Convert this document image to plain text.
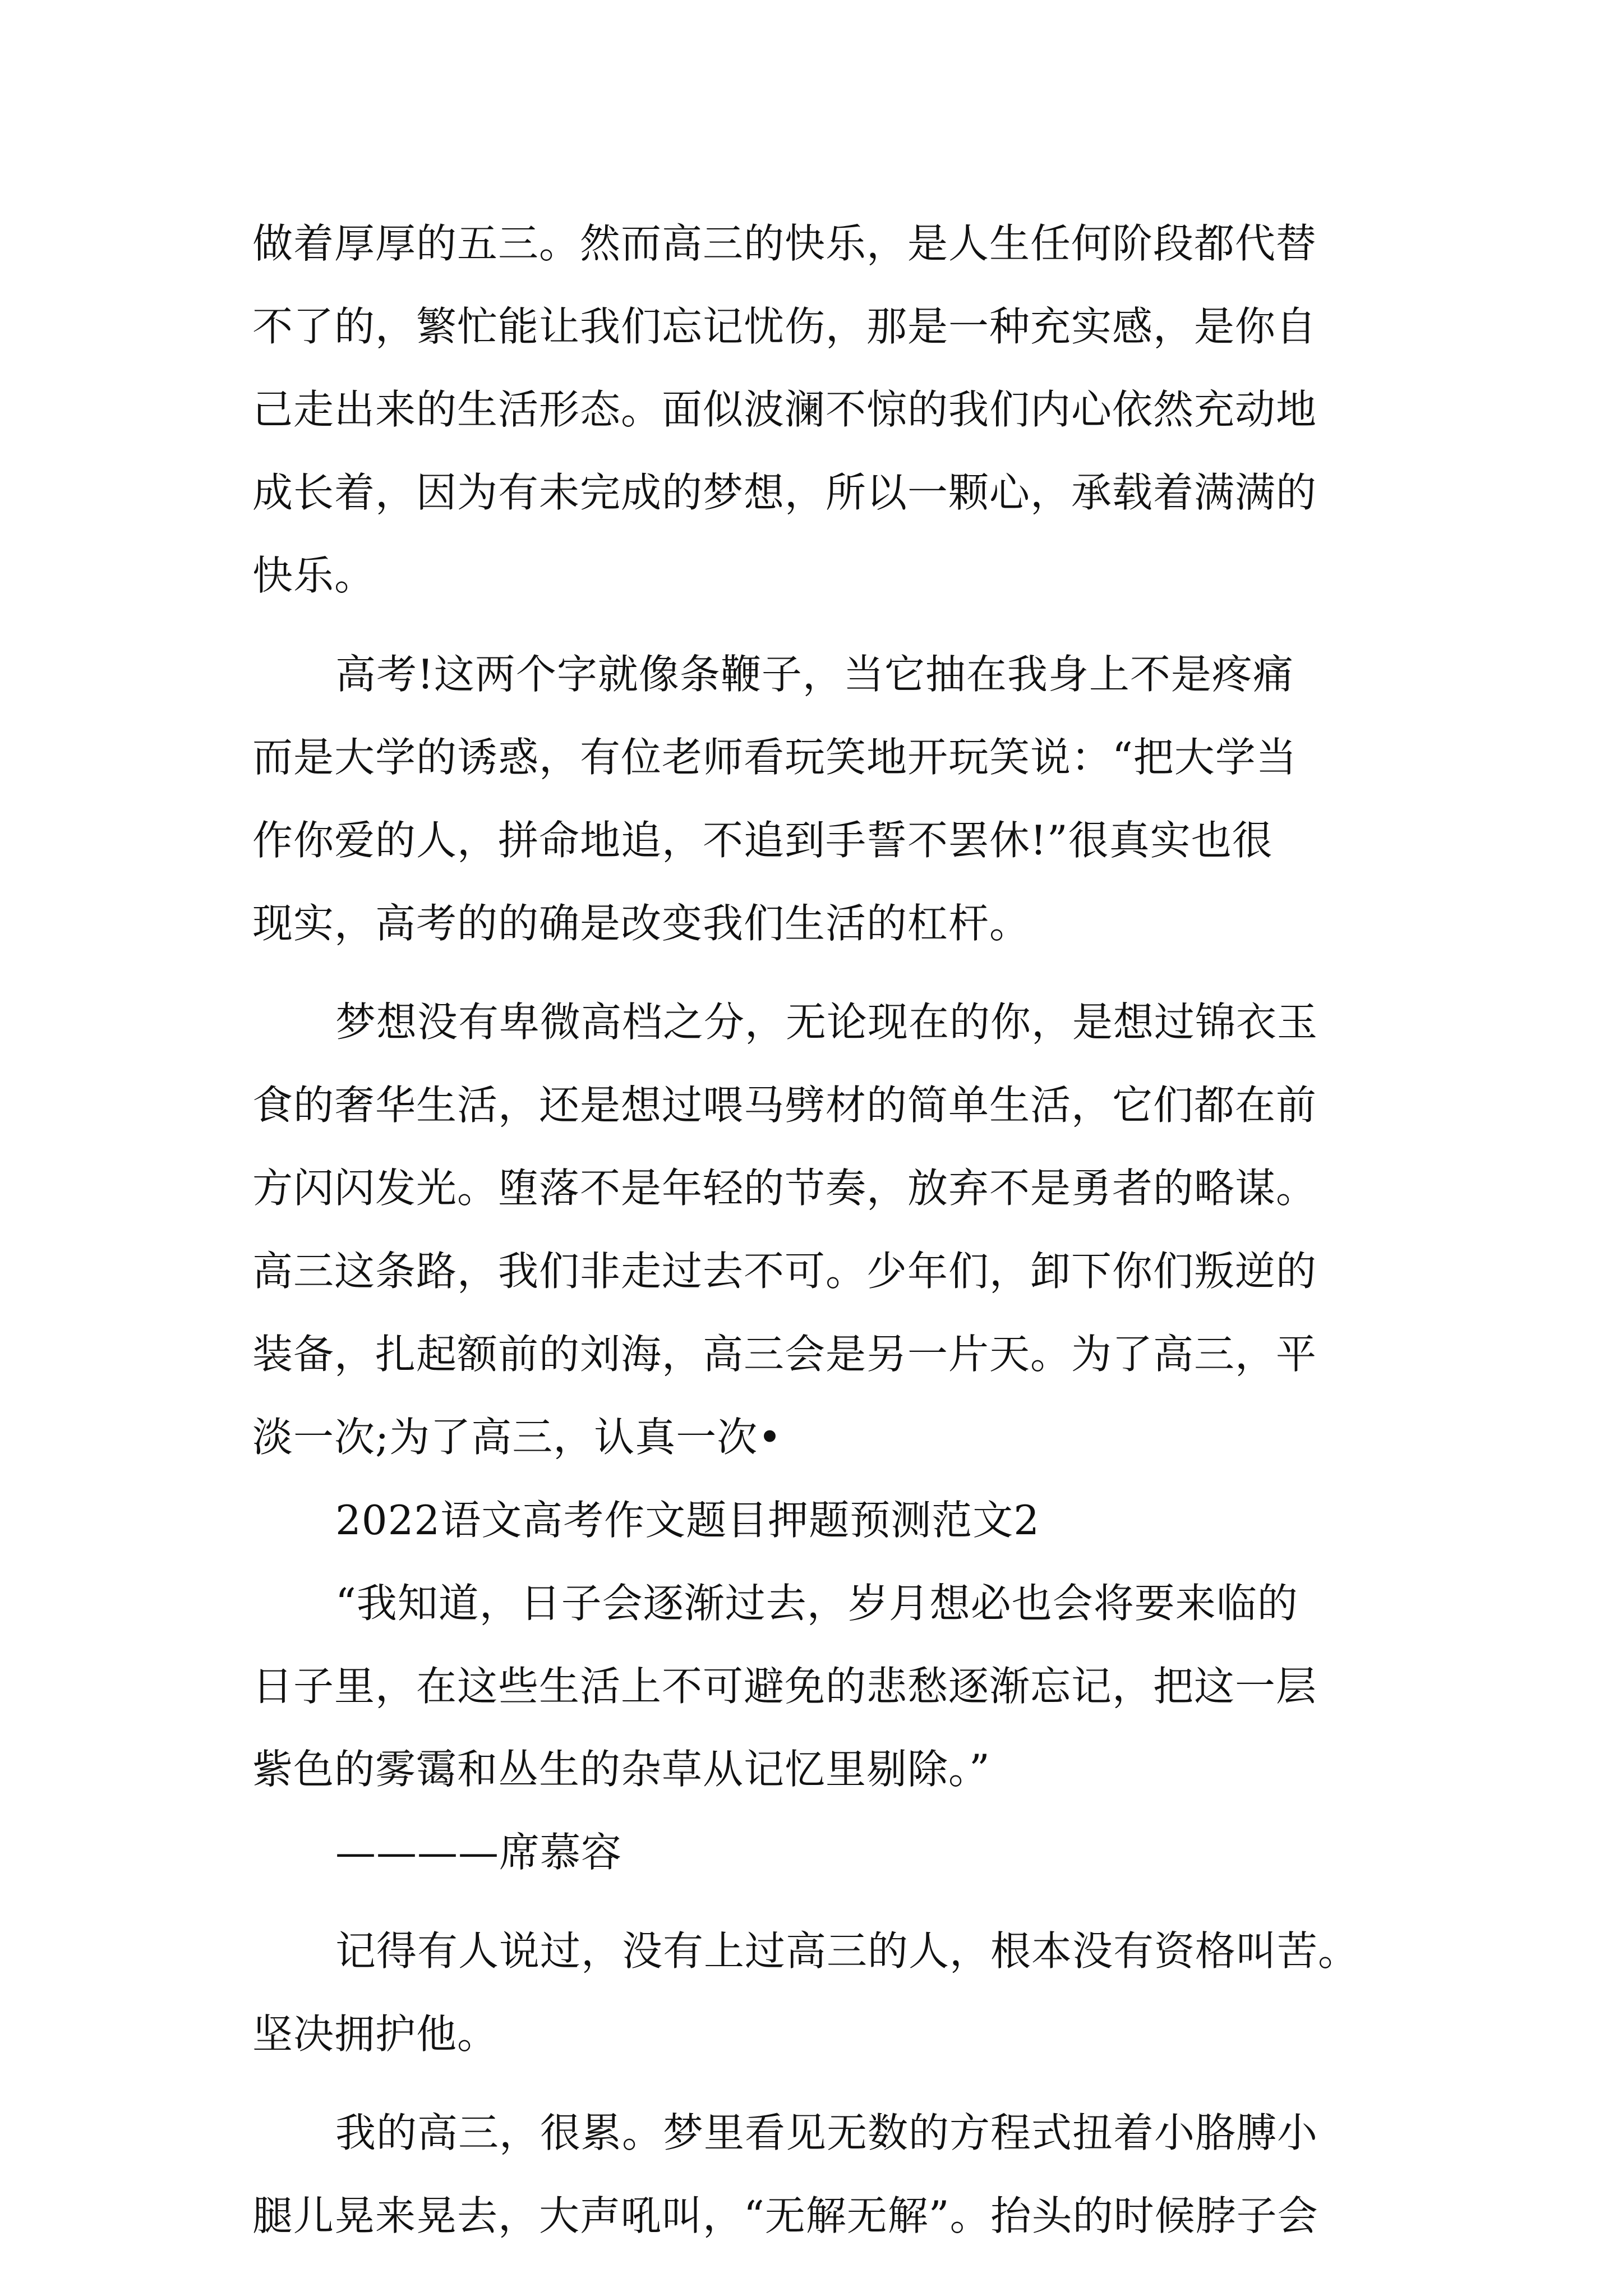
做着厚厚的五三。然而高三的快乐，是人生任何阶段都代替
不了的，繁忙能让我们忘记忧伤，那是一种充实感，是你自
己走出来的生活形态。面似波澜不惊的我们内心依然充动地
成长着，因为有未完成的梦想，所以一颗心，承载着满满的
快乐。
高考!这两个字就像条鞭子，当它抽在我身上不是疼痛
而是大学的诱惑，有位老师看玩笑地开玩笑说：“把大学当
作你爱的人，拼命地追，不追到手誓不罢休!”很真实也很
现实，高考的的确是改变我们生活的杠杆。
梦想没有卑微高档之分，无论现在的你，是想过锦衣玉
食的奢华生活，还是想过喂马劈材的简单生活，它们都在前
方闪闪发光。堕落不是年轻的节奏，放弃不是勇者的略谋。
高三这条路，我们非走过去不可。少年们，卸下你们叛逆的
装备，扎起额前的刘海，高三会是另一片天。为了高三，平
淡一次;为了高三，认真一次•
2022语文高考作文题目押题预测范文2
“我知道，日子会逐渐过去，岁月想必也会将要来临的
日子里，在这些生活上不可避免的悲愁逐渐忘记，把这一层
紫色的雾霭和丛生的杂草从记忆里剔除。”
————席慕容
记得有人说过，没有上过高三的人，根本没有资格叫苦。
坚决拥护他。
我的高三，很累。梦里看见无数的方程式扭着小胳膊小
腿儿晃来晃去，大声吼叫，“无解无解”。抬头的时候脖子会
